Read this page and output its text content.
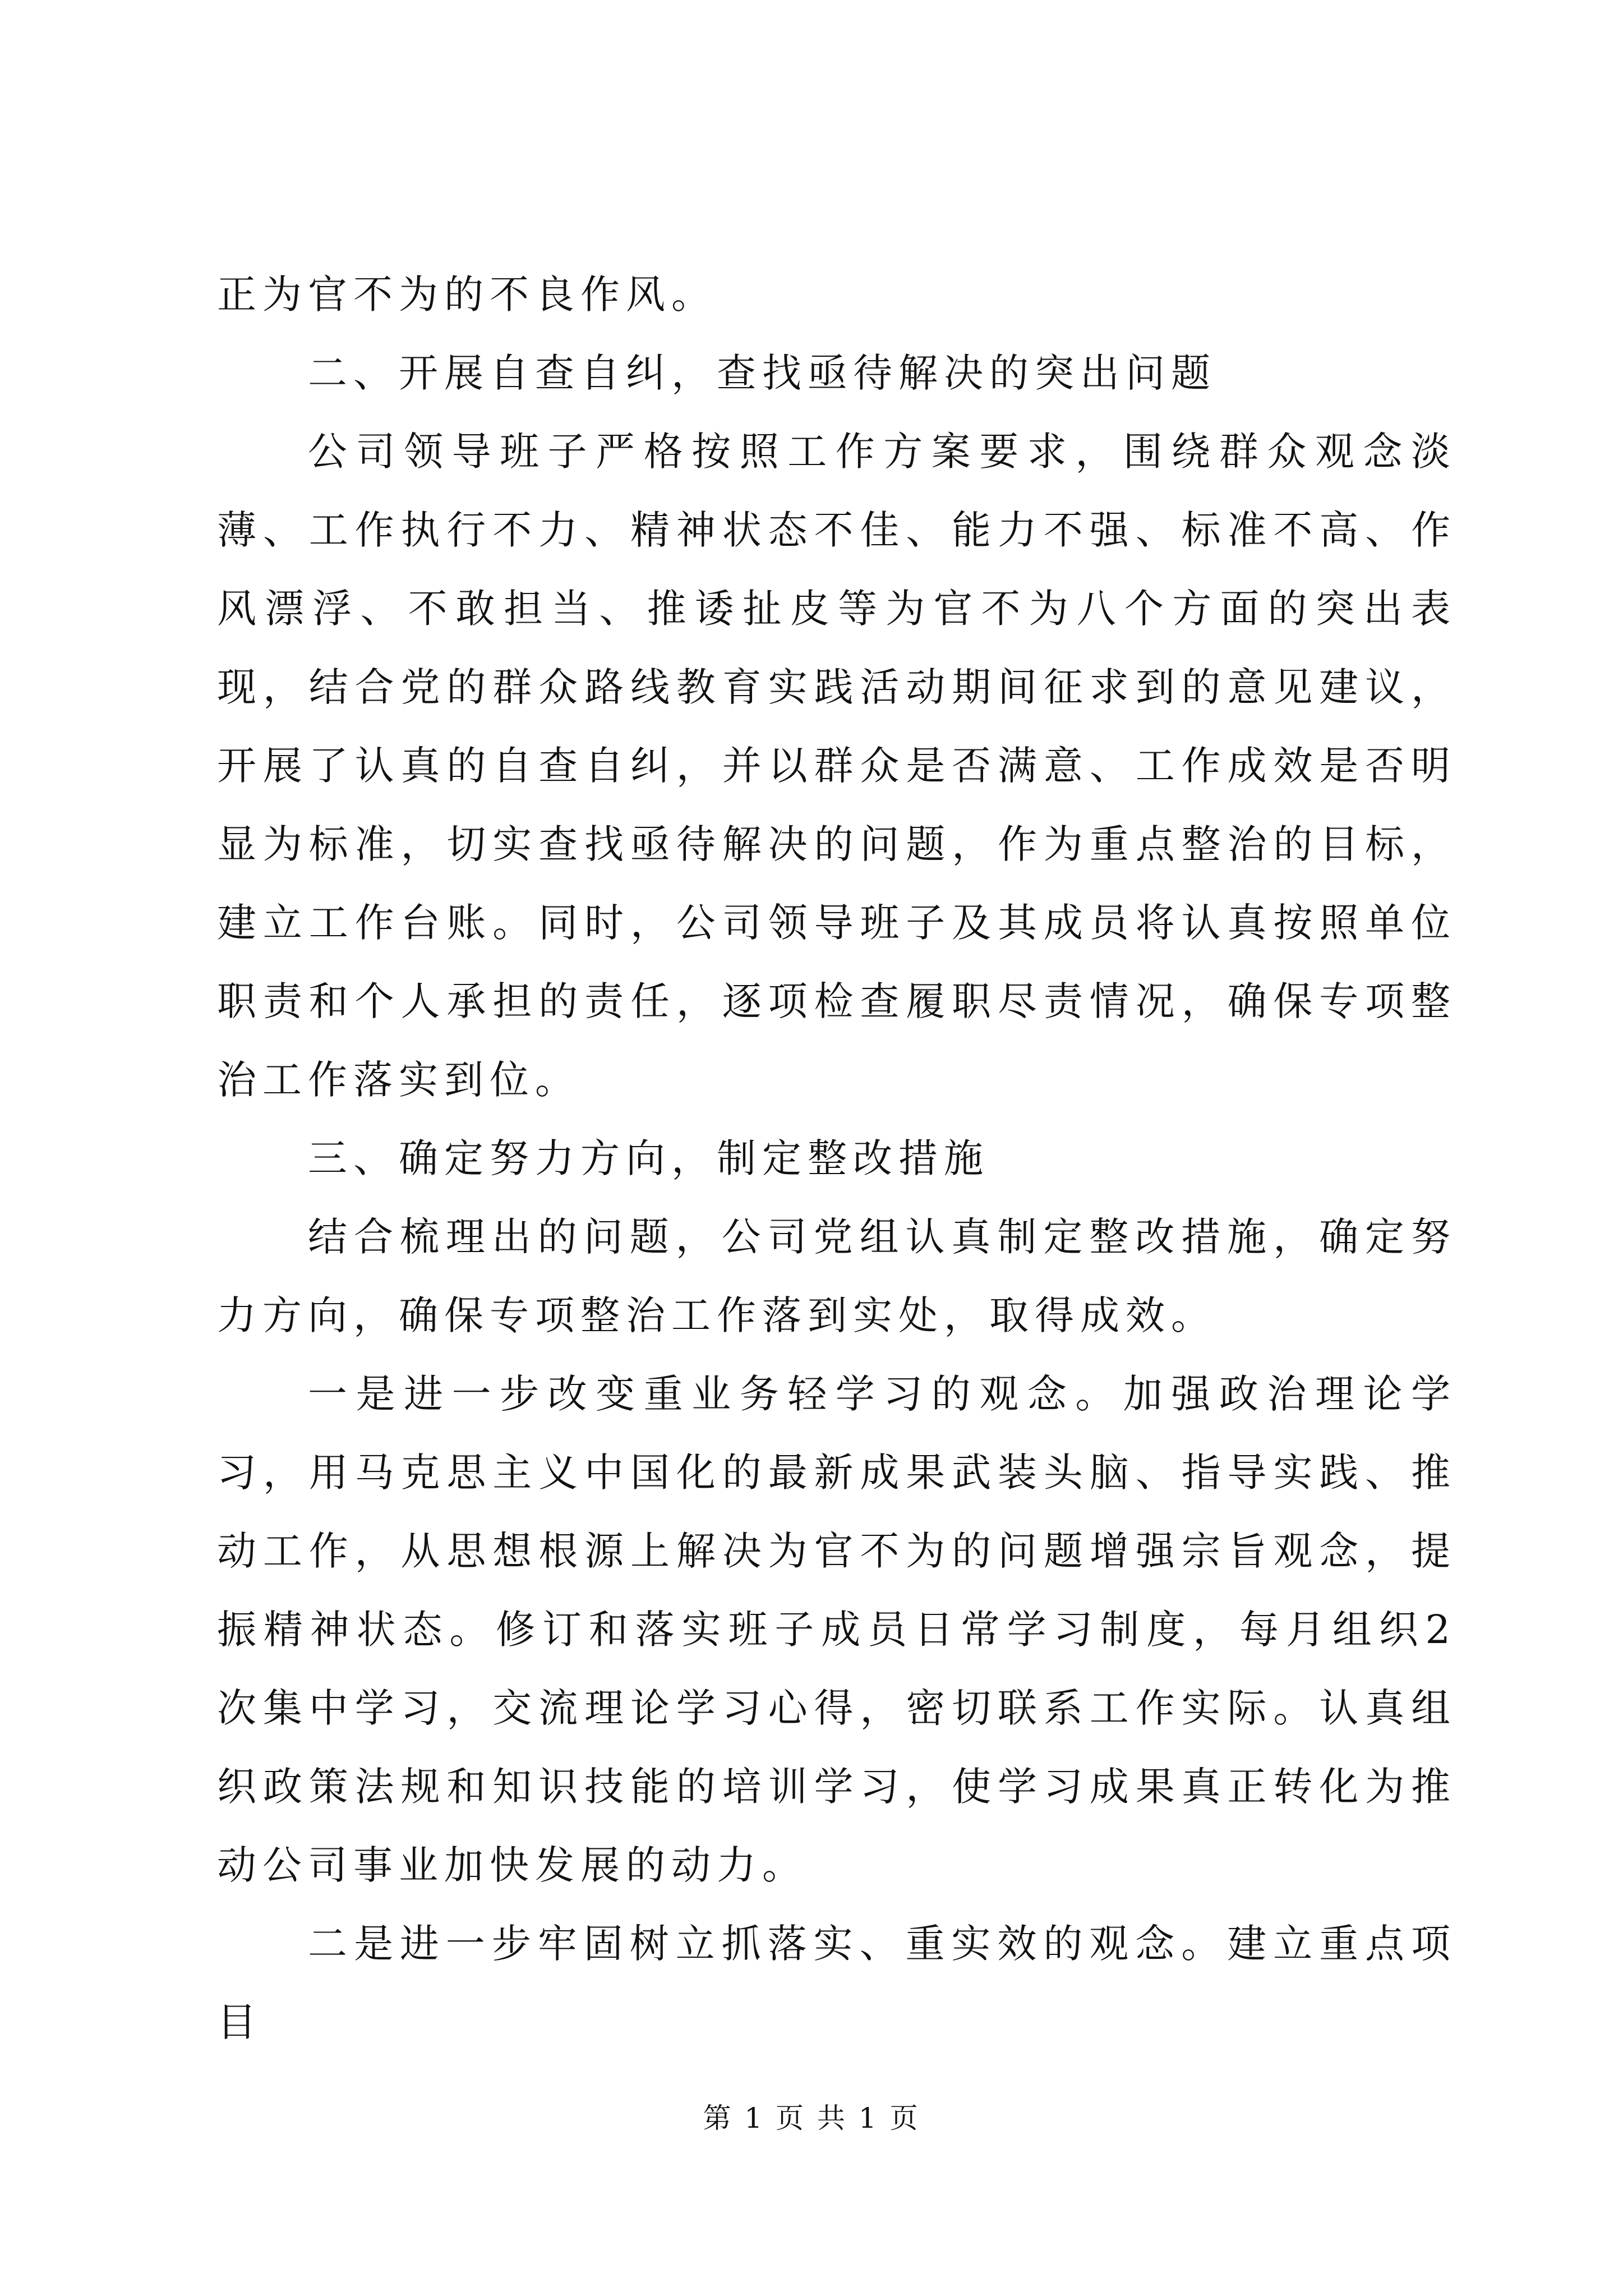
正为官不为的不良作风。

二、开展自查自纠，查找亟待解决的突出问题

公司领导班子严格按照工作方案要求，围绕群众观念淡薄、工作执行不力、精神状态不佳、能力不强、标准不高、作风漂浮、不敢担当、推诿扯皮等为官不为八个方面的突出表现，结合党的群众路线教育实践活动期间征求到的意见建议，开展了认真的自查自纠，并以群众是否满意、工作成效是否明显为标准，切实查找亟待解决的问题，作为重点整治的目标，建立工作台账。同时，公司领导班子及其成员将认真按照单位职责和个人承担的责任，逐项检查履职尽责情况，确保专项整治工作落实到位。

三、确定努力方向，制定整改措施

结合梳理出的问题，公司党组认真制定整改措施，确定努力方向，确保专项整治工作落到实处，取得成效。

一是进一步改变重业务轻学习的观念。加强政治理论学习，用马克思主义中国化的最新成果武装头脑、指导实践、推动工作，从思想根源上解决为官不为的问题增强宗旨观念，提振精神状态。修订和落实班子成员日常学习制度，每月组织2次集中学习，交流理论学习心得，密切联系工作实际。认真组织政策法规和知识技能的培训学习，使学习成果真正转化为推动公司事业加快发展的动力。

二是进一步牢固树立抓落实、重实效的观念。建立重点项目

第 1 页 共 1 页
